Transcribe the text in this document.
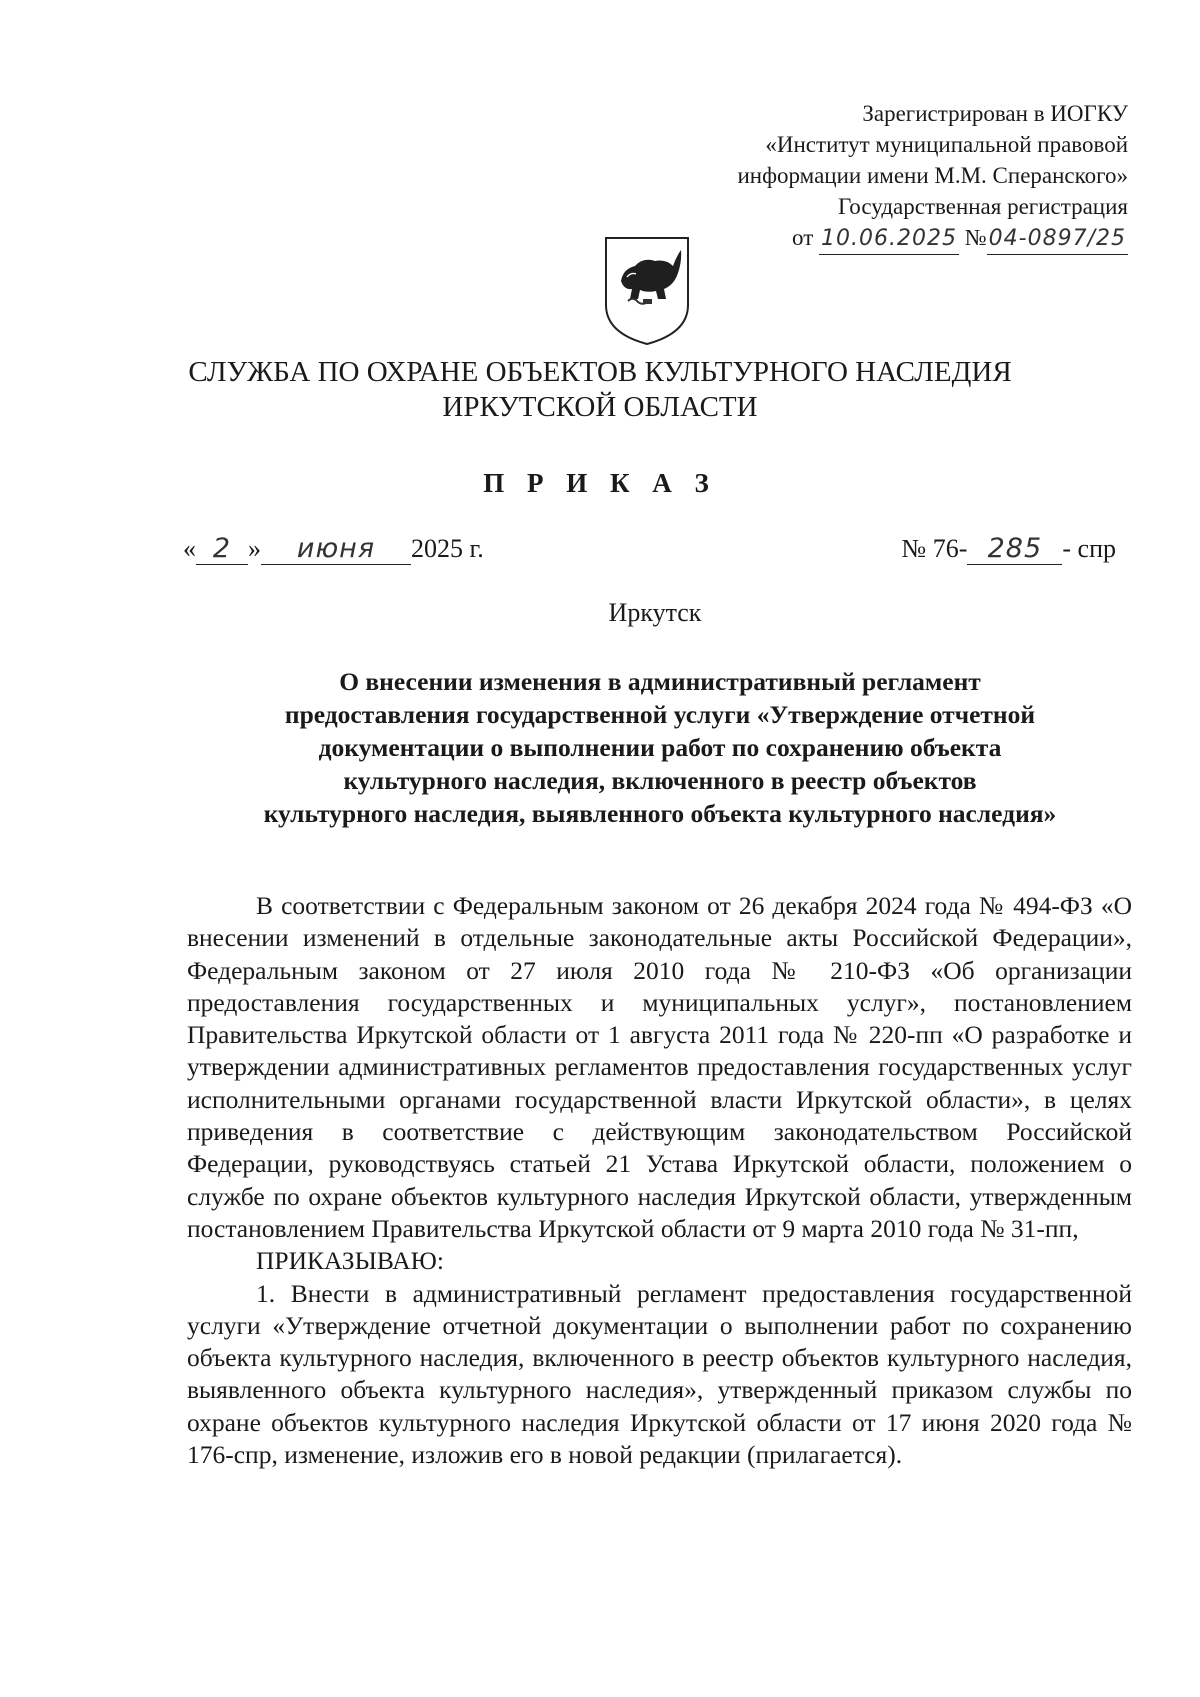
Зарегистрирован в ИОГКУ
«Институт муниципальной правовой
информации имени М.М. Сперанского»
Государственная регистрация
от 10.06.2025 №04-0897/25
СЛУЖБА ПО ОХРАНЕ ОБЪЕКТОВ КУЛЬТУРНОГО НАСЛЕДИЯ
ИРКУТСКОЙ ОБЛАСТИ
П Р И К А З
« 2 » июня 2025 г.	№ 76- 285 - спр
Иркутск
О внесении изменения в административный регламент
предоставления государственной услуги «Утверждение отчетной
документации о выполнении работ по сохранению объекта
культурного наследия, включенного в реестр объектов
культурного наследия, выявленного объекта культурного наследия»

В соответствии с Федеральным законом от 26 декабря 2024 года № 494-ФЗ «О внесении изменений в отдельные законодательные акты Российской Федерации», Федеральным законом от 27 июля 2010 года № 210-ФЗ «Об организации предоставления государственных и муниципальных услуг», постановлением Правительства Иркутской области от 1 августа 2011 года № 220-пп «О разработке и утверждении административных регламентов предоставления государственных услуг исполнительными органами государственной власти Иркутской области», в целях приведения в соответствие с действующим законодательством Российской Федерации, руководствуясь статьей 21 Устава Иркутской области, положением о службе по охране объектов культурного наследия Иркутской области, утвержденным постановлением Правительства Иркутской области от 9 марта 2010 года № 31-пп,

ПРИКАЗЫВАЮ:

1. Внести в административный регламент предоставления государственной услуги «Утверждение отчетной документации о выполнении работ по сохранению объекта культурного наследия, включенного в реестр объектов культурного наследия, выявленного объекта культурного наследия», утвержденный приказом службы по охране объектов культурного наследия Иркутской области от 17 июня 2020 года № 176-спр, изменение, изложив его в новой редакции (прилагается).
